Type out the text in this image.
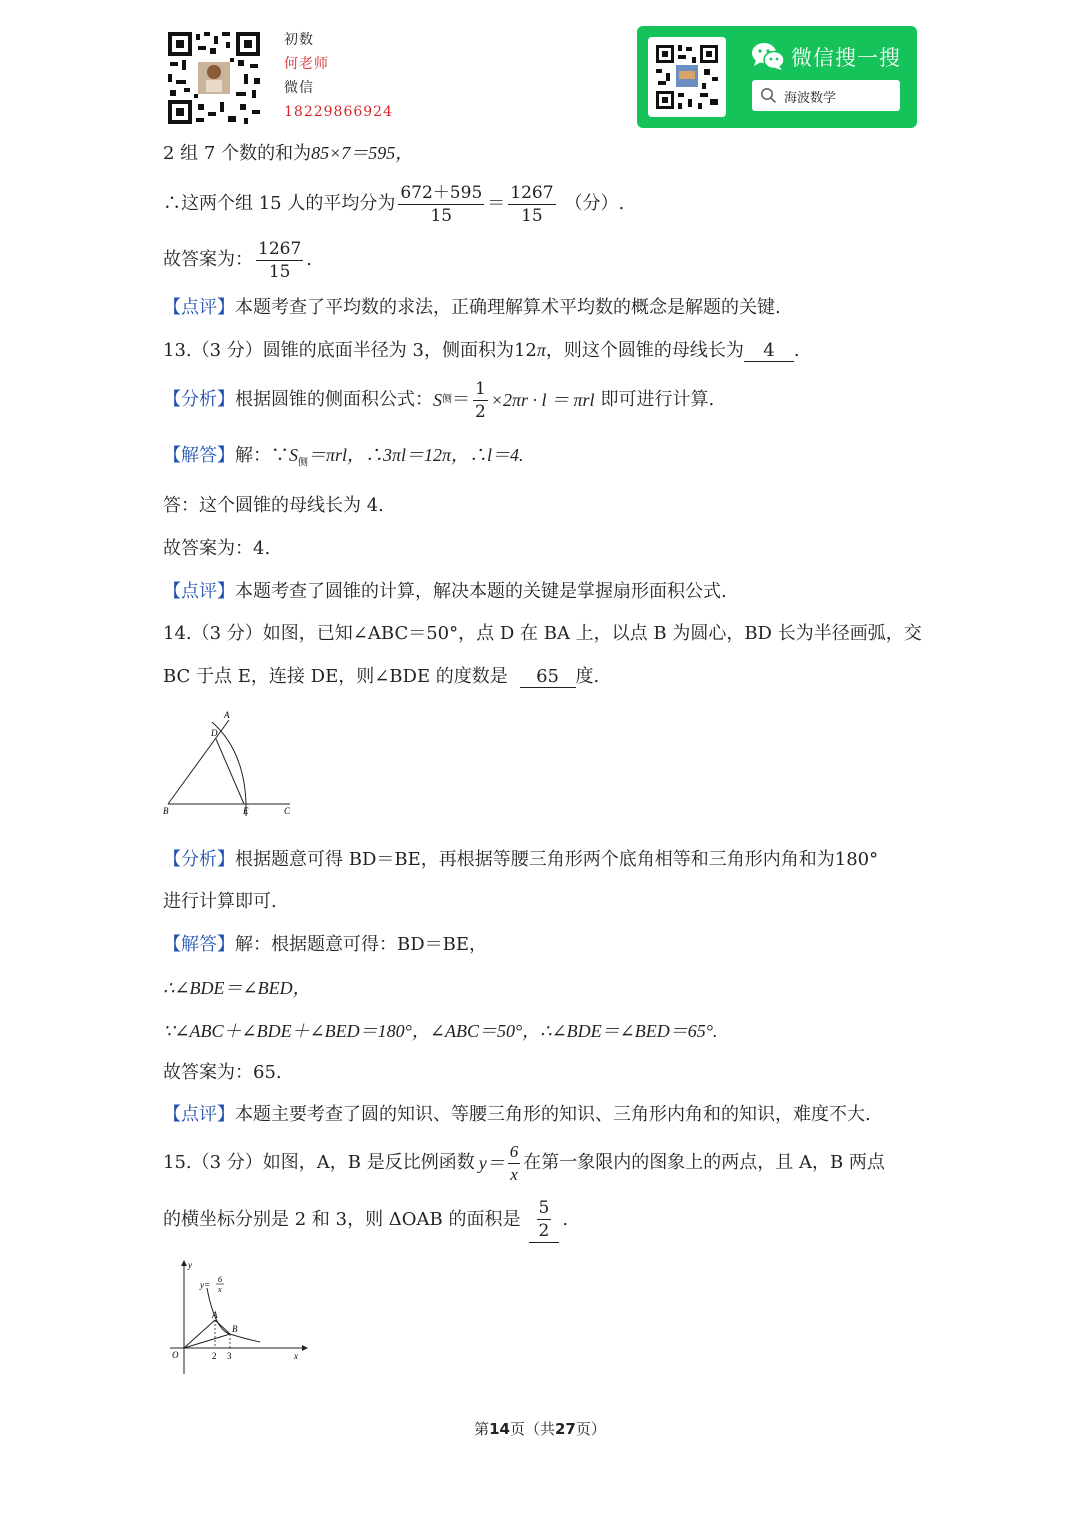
初数
何老师
微信
18229866924
微信搜一搜
海波数学
2 组 7 个数的和为85×7＝595，
∴这两个组 15 人的平均分为 $\frac{672+595}{15} = \frac{1267}{15}$ （分）.
故答案为： $\frac{1267}{15}$ .
【点评】本题考查了平均数的求法，正确理解算术平均数的概念是解题的关键.
13.（3 分）圆锥的底面半径为 3，侧面积为12π，则这个圆锥的母线长为 4 .
【分析】 根据圆锥的侧面积公式： S 侧 ＝ $\frac{1}{2} \times 2\pi r \cdot l = \pi rl$ 即可进行计算.
【解答】解：$\because S_侧=\pi rl$，∴3πl＝12π，∴l＝4.
答：这个圆锥的母线长为 4.
故答案为：4.
【点评】本题考查了圆锥的计算，解决本题的关键是掌握扇形面积公式.
14.（3 分）如图，已知∠ABC＝50°，点 D 在 BA 上，以点 B 为圆心，BD 长为半径画弧，交
BC 于点 E，连接 DE，则∠BDE 的度数是 65 度.
A
D
B	E	C
【分析】根据题意可得 BD＝BE，再根据等腰三角形两个底角相等和三角形内角和为180°
进行计算即可.
【解答】解：根据题意可得：BD＝BE，
∴∠BDE＝∠BED，
∵∠ABC＋∠BDE＋∠BED＝180°，∠ABC＝50°，∴∠BDE＝∠BED＝65°.
故答案为：65.
【点评】本题主要考查了圆的知识、等腰三角形的知识、三角形内角和的知识，难度不大.
15.（3 分）如图，A，B 是反比例函数 $y= \frac{6}{x}$ 在第一象限内的图象上的两点，且 A，B 两点
的横坐标分别是 2 和 3，则 ΔOAB 的面积是 $\frac{5}{2}$ .
y
y=
6
x
A
B
O	2 3	x
第14页（共27页）
